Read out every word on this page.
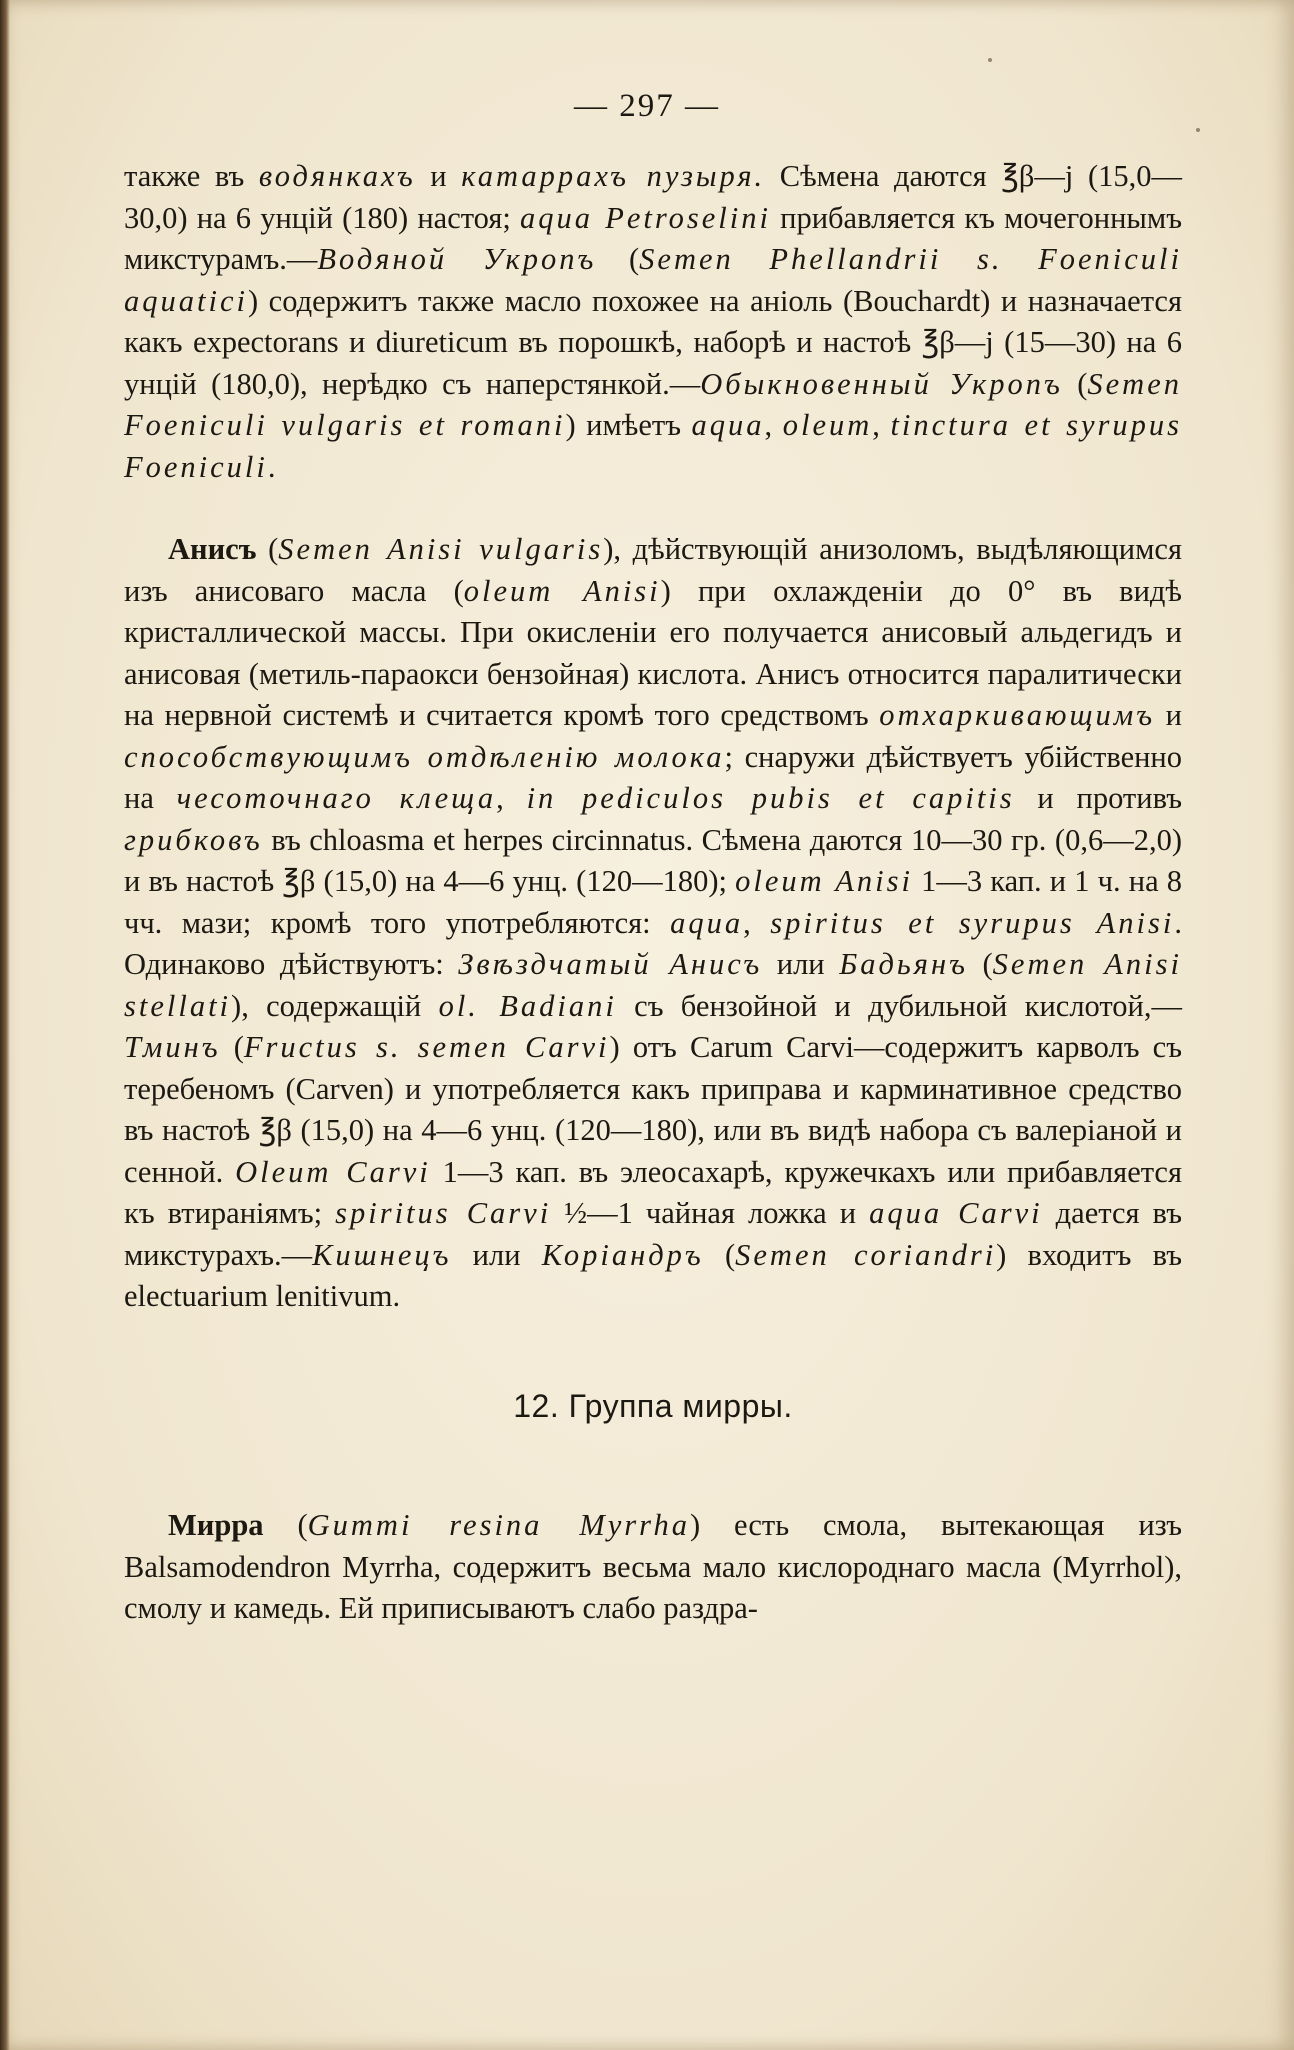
— 297 —

также въ водянкахъ и катаррахъ пузыря. Сѣмена даются ℥β—j (15,0—30,0) на 6 унцій (180) настоя; aqua Petroselini прибавляется къ мочегоннымъ микстурамъ.—Водяной Укропъ (Semen Phellandrii s. Foeniculi aquatici) содержитъ также масло похожее на аніоль (Bouchardt) и назначается какъ expectorans и diureticum въ порошкѣ, наборѣ и настоѣ ℥β—j (15—30) на 6 унцій (180,0), нерѣдко съ наперстянкой.—Обыкновенный Укропъ (Semen Foeniculi vulgaris et romani) имѣетъ aqua, oleum, tinctura et syrupus Foeniculi.

Анисъ (Semen Anisi vulgaris), дѣйствующій анизоломъ, выдѣляющимся изъ анисоваго масла (oleum Anisi) при охлажденіи до 0° въ видѣ кристаллической массы. При окисленіи его получается анисовый альдегидъ и анисовая (метиль-параокси бензойная) кислота. Анисъ относится паралитически на нервной системѣ и считается кромѣ того средствомъ отхаркивающимъ и способствующимъ отдѣленію молока; снаружи дѣйствуетъ убійственно на чесоточнаго клеща, in pediculos pubis et capitis и противъ грибковъ въ chloasma et herpes circinnatus. Сѣмена даются 10—30 гр. (0,6—2,0) и въ настоѣ ℥β (15,0) на 4—6 унц. (120—180); oleum Anisi 1—3 кап. и 1 ч. на 8 чч. мази; кромѣ того употребляются: aqua, spiritus et syrupus Anisi. Одинаково дѣйствуютъ: Звѣздчатый Анисъ или Бадьянъ (Semen Anisi stellati), содержащій ol. Badiani съ бензойной и дубильной кислотой,—Тминъ (Fructus s. semen Carvi) отъ Carum Carvi—содержитъ карволъ съ теребеномъ (Carven) и употребляется какъ приправа и карминативное средство въ настоѣ ℥β (15,0) на 4—6 унц. (120—180), или въ видѣ набора съ валеріаной и сенной. Oleum Carvi 1—3 кап. въ элеосахарѣ, кружечкахъ или прибавляется къ втираніямъ; spiritus Carvi ½—1 чайная ложка и aqua Carvi дается въ микстурахъ.—Кишнецъ или Коріандръ (Semen coriandri) входитъ въ electuarium lenitivum.

12. Группа мирры.

Мирра (Gummi resina Myrrha) есть смола, вытекающая изъ Balsamodendron Myrrha, содержитъ весьма мало кислороднаго масла (Myrrhol), смолу и камедь. Ей приписываютъ слабо раздра-
